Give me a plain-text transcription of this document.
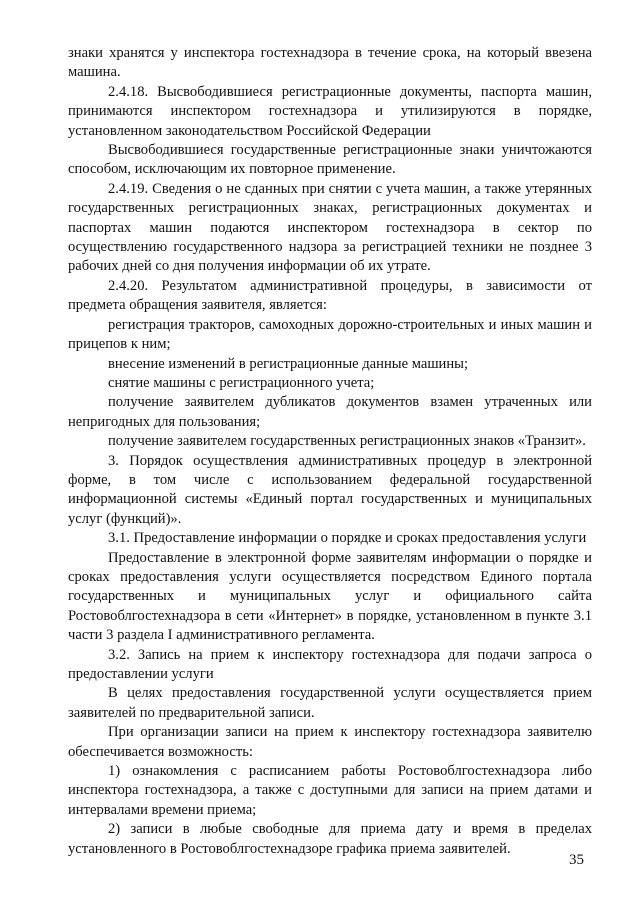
знаки хранятся у инспектора гостехнадзора в течение срока, на который ввезена машина.

2.4.18. Высвободившиеся регистрационные документы, паспорта машин, принимаются инспектором гостехнадзора и утилизируются в порядке, установленном законодательством Российской Федерации

Высвободившиеся государственные регистрационные знаки уничтожаются способом, исключающим их повторное применение.

2.4.19. Сведения о не сданных при снятии с учета машин, а также утерянных государственных регистрационных знаках, регистрационных документах и паспортах машин подаются инспектором гостехнадзора в сектор по осуществлению государственного надзора за регистрацией техники не позднее 3 рабочих дней со дня получения информации об их утрате.

2.4.20. Результатом административной процедуры, в зависимости от предмета обращения заявителя, является:

регистрация тракторов, самоходных дорожно-строительных и иных машин и прицепов к ним;

внесение изменений в регистрационные данные машины;

снятие машины с регистрационного учета;

получение заявителем дубликатов документов взамен утраченных или непригодных для пользования;

получение заявителем государственных регистрационных знаков «Транзит».

3. Порядок осуществления административных процедур в электронной форме, в том числе с использованием федеральной государственной информационной системы «Единый портал государственных и муниципальных услуг (функций)».

3.1. Предоставление информации о порядке и сроках предоставления услуги

Предоставление в электронной форме заявителям информации о порядке и сроках предоставления услуги осуществляется посредством Единого портала государственных и муниципальных услуг и официального сайта Ростовоблгостехнадзора в сети «Интернет» в порядке, установленном в пункте 3.1 части 3 раздела I административного регламента.

3.2. Запись на прием к инспектору гостехнадзора для подачи запроса о предоставлении услуги

В целях предоставления государственной услуги осуществляется прием заявителей по предварительной записи.

При организации записи на прием к инспектору гостехнадзора заявителю обеспечивается возможность:

1) ознакомления с расписанием работы Ростовоблгостехнадзора либо инспектора гостехнадзора, а также с доступными для записи на прием датами и интервалами времени приема;

2) записи в любые свободные для приема дату и время в пределах установленного в Ростовоблгостехнадзоре графика приема заявителей.

35
